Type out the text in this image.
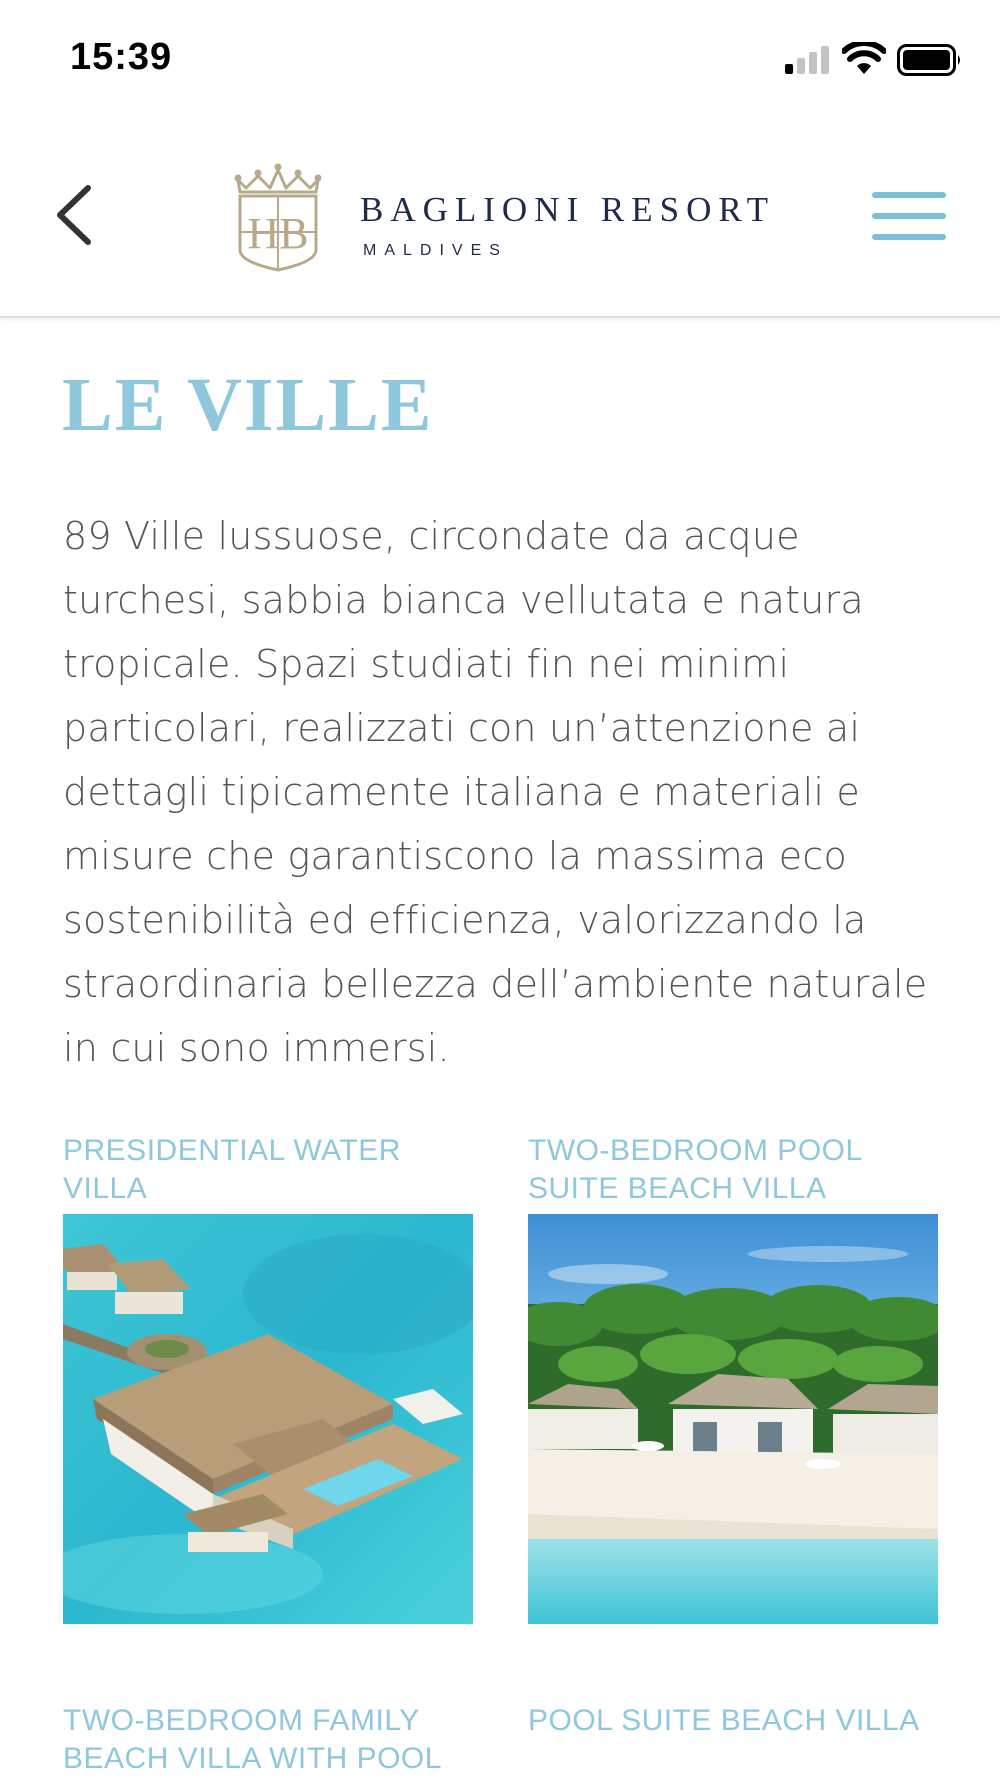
15:39
HB BAGLIONI RESORT
MALDIVES
LE VILLE

89 Ville lussuose, circondate da acque turchesi, sabbia bianca vellutata e natura tropicale. Spazi studiati fin nei minimi particolari, realizzati con un’attenzione ai dettagli tipicamente italiana e materiali e misure che garantiscono la massima eco sostenibilità ed efficienza, valorizzando la straordinaria bellezza dell’ambiente naturale in cui sono immersi.

PRESIDENTIAL WATER VILLA
TWO-BEDROOM POOL SUITE BEACH VILLA
TWO-BEDROOM FAMILY BEACH VILLA WITH POOL
POOL SUITE BEACH VILLA
